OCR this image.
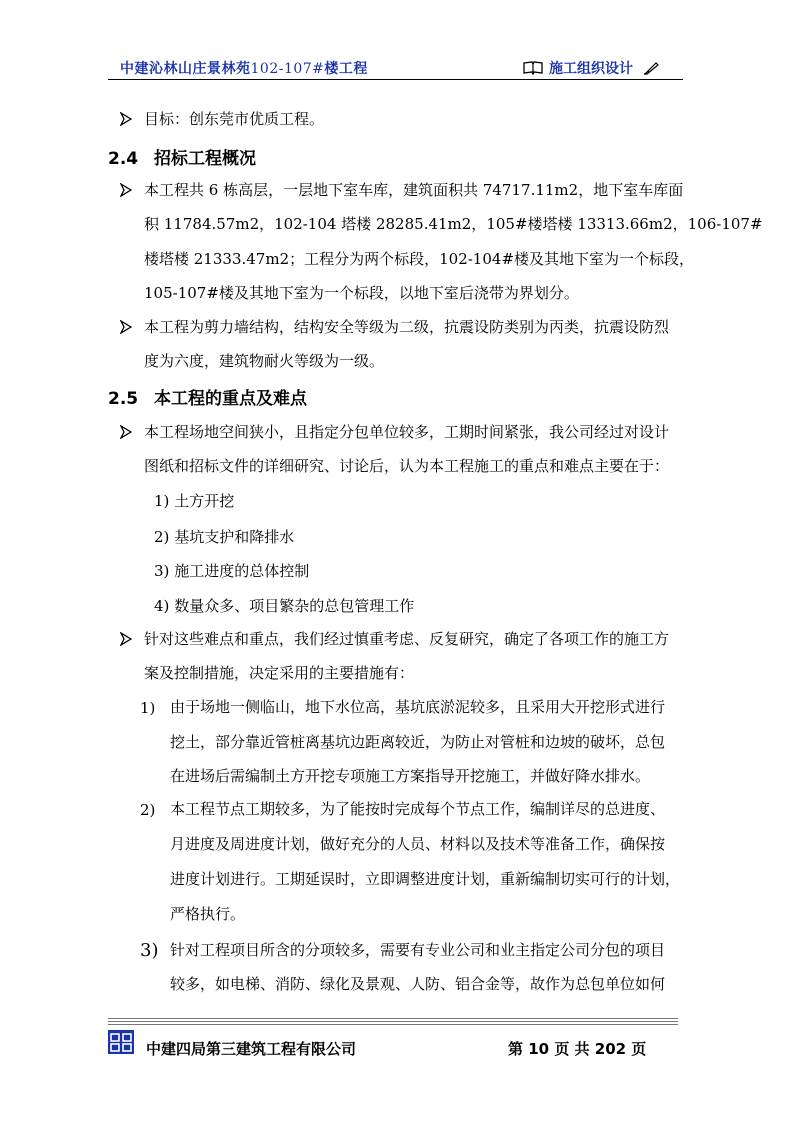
中建沁林山庄景林苑102-107#楼工程	施工组织设计
目标：创东莞市优质工程。
2.4 招标工程概况
本工程共 6 栋高层，一层地下室车库，建筑面积共 74717.11m2，地下室车库面
积 11784.57m2，102-104 塔楼 28285.41m2，105#楼塔楼 13313.66m2，106-107#
楼塔楼 21333.47m2；工程分为两个标段，102-104#楼及其地下室为一个标段，
105-107#楼及其地下室为一个标段，以地下室后浇带为界划分。
本工程为剪力墙结构，结构安全等级为二级，抗震设防类别为丙类，抗震设防烈
度为六度，建筑物耐火等级为一级。
2.5 本工程的重点及难点
本工程场地空间狭小，且指定分包单位较多，工期时间紧张，我公司经过对设计
图纸和招标文件的详细研究、讨论后，认为本工程施工的重点和难点主要在于：
1) 土方开挖
2) 基坑支护和降排水
3) 施工进度的总体控制
4) 数量众多、项目繁杂的总包管理工作
针对这些难点和重点，我们经过慎重考虑、反复研究，确定了各项工作的施工方
案及控制措施，决定采用的主要措施有：
1) 由于场地一侧临山，地下水位高，基坑底淤泥较多，且采用大开挖形式进行
挖土，部分靠近管桩离基坑边距离较近，为防止对管桩和边坡的破坏，总包
在进场后需编制土方开挖专项施工方案指导开挖施工，并做好降水排水。
2) 本工程节点工期较多，为了能按时完成每个节点工作，编制详尽的总进度、
月进度及周进度计划，做好充分的人员、材料以及技术等准备工作，确保按
进度计划进行。工期延误时，立即调整进度计划，重新编制切实可行的计划，
严格执行。
3) 针对工程项目所含的分项较多，需要有专业公司和业主指定公司分包的项目
较多，如电梯、消防、绿化及景观、人防、铝合金等，故作为总包单位如何
中建四局第三建筑工程有限公司	第 10 页 共 202 页
